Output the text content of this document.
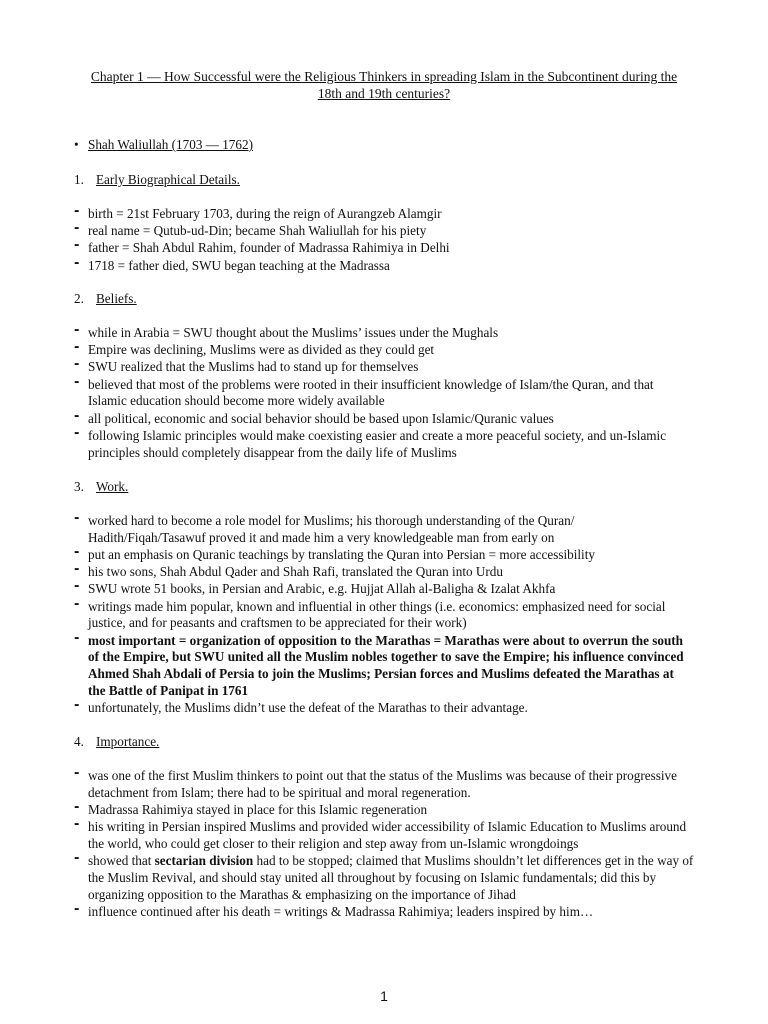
Chapter 1 — How Successful were the Religious Thinkers in spreading Islam in the Subcontinent during the 18th and 19th centuries?

• Shah Waliullah (1703 — 1762)

1. Early Biographical Details.

- birth = 21st February 1703, during the reign of Aurangzeb Alamgir
- real name = Qutub-ud-Din; became Shah Waliullah for his piety
- father = Shah Abdul Rahim, founder of Madrassa Rahimiya in Delhi
- 1718 = father died, SWU began teaching at the Madrassa

2. Beliefs.

- while in Arabia = SWU thought about the Muslims’ issues under the Mughals
- Empire was declining, Muslims were as divided as they could get
- SWU realized that the Muslims had to stand up for themselves
- believed that most of the problems were rooted in their insufficient knowledge of Islam/the Quran, and that Islamic education should become more widely available
- all political, economic and social behavior should be based upon Islamic/Quranic values
- following Islamic principles would make coexisting easier and create a more peaceful society, and un-Islamic principles should completely disappear from the daily life of Muslims

3. Work.

- worked hard to become a role model for Muslims; his thorough understanding of the Quran/ Hadith/Fiqah/Tasawuf proved it and made him a very knowledgeable man from early on
- put an emphasis on Quranic teachings by translating the Quran into Persian = more accessibility
- his two sons, Shah Abdul Qader and Shah Rafi, translated the Quran into Urdu
- SWU wrote 51 books, in Persian and Arabic, e.g. Hujjat Allah al-Baligha & Izalat Akhfa
- writings made him popular, known and influential in other things (i.e. economics: emphasized need for social justice, and for peasants and craftsmen to be appreciated for their work)
- most important = organization of opposition to the Marathas = Marathas were about to overrun the south of the Empire, but SWU united all the Muslim nobles together to save the Empire; his influence convinced Ahmed Shah Abdali of Persia to join the Muslims; Persian forces and Muslims defeated the Marathas at the Battle of Panipat in 1761
- unfortunately, the Muslims didn’t use the defeat of the Marathas to their advantage.

4. Importance.

- was one of the first Muslim thinkers to point out that the status of the Muslims was because of their progressive detachment from Islam; there had to be spiritual and moral regeneration.
- Madrassa Rahimiya stayed in place for this Islamic regeneration
- his writing in Persian inspired Muslims and provided wider accessibility of Islamic Education to Muslims around the world, who could get closer to their religion and step away from un-Islamic wrongdoings
- showed that sectarian division had to be stopped; claimed that Muslims shouldn’t let differences get in the way of the Muslim Revival, and should stay united all throughout by focusing on Islamic fundamentals; did this by organizing opposition to the Marathas & emphasizing on the importance of Jihad
- influence continued after his death = writings & Madrassa Rahimiya; leaders inspired by him…
1
